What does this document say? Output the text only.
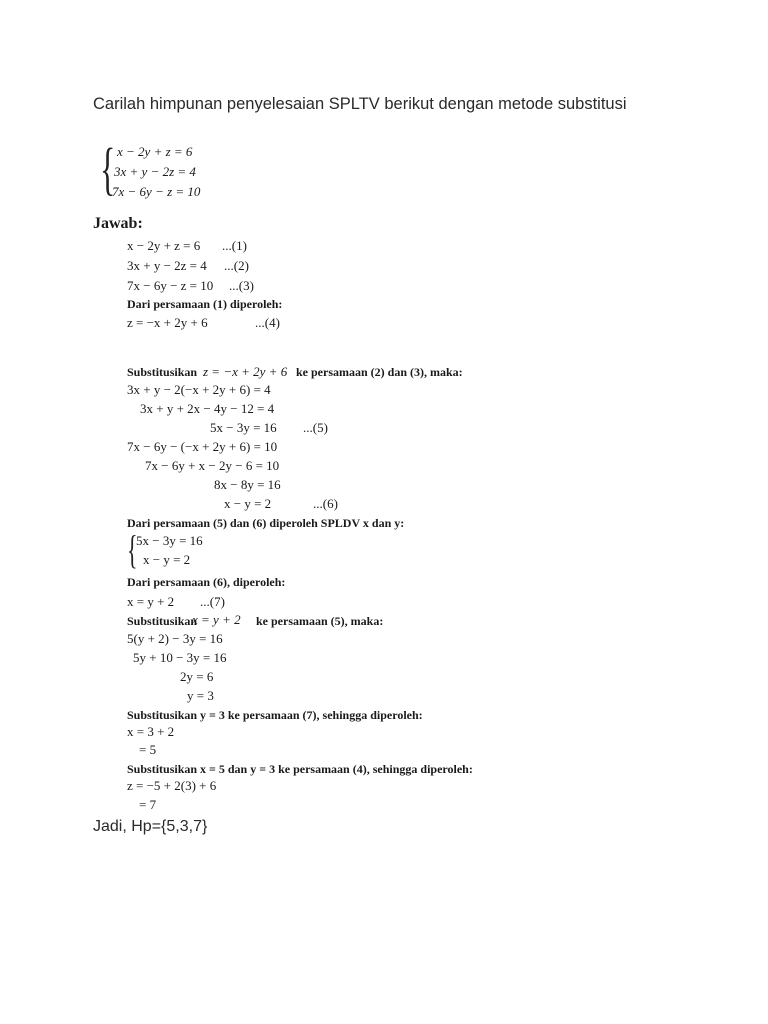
Carilah himpunan penyelesaian SPLTV berikut dengan metode substitusi
{ x − 2y + z = 6
3x + y − 2z = 4
7x − 6y − z = 10
Jawab:
x − 2y + z = 6 ...(1)
3x + y − 2z = 4 ...(2)
7x − 6y − z = 10 ...(3)
Dari persamaan (1) diperoleh:
z = −x + 2y + 6	...(4)
Substitusikan z = −x + 2y + 6 ke persamaan (2) dan (3), maka:
3x + y − 2(−x + 2y + 6) = 4
3x + y + 2x − 4y − 12 = 4
5x − 3y = 16 ...(5)
7x − 6y − (−x + 2y + 6) = 10
7x − 6y + x − 2y − 6 = 10
8x − 8y = 16
x − y = 2	...(6)
Dari persamaan (5) dan (6) diperoleh SPLDV x dan y:
{
5x − 3y = 16
x − y = 2
Dari persamaan (6), diperoleh:
x = y + 2 ...(7)
Substitusikan
x = y + 2 ke persamaan (5), maka:
5(y + 2) − 3y = 16
5y + 10 − 3y = 16
2y = 6
y = 3
Substitusikan y = 3 ke persamaan (7), sehingga diperoleh:
x = 3 + 2
= 5
Substitusikan x = 5 dan y = 3 ke persamaan (4), sehingga diperoleh:
z = −5 + 2(3) + 6
= 7
Jadi, Hp={5,3,7}
